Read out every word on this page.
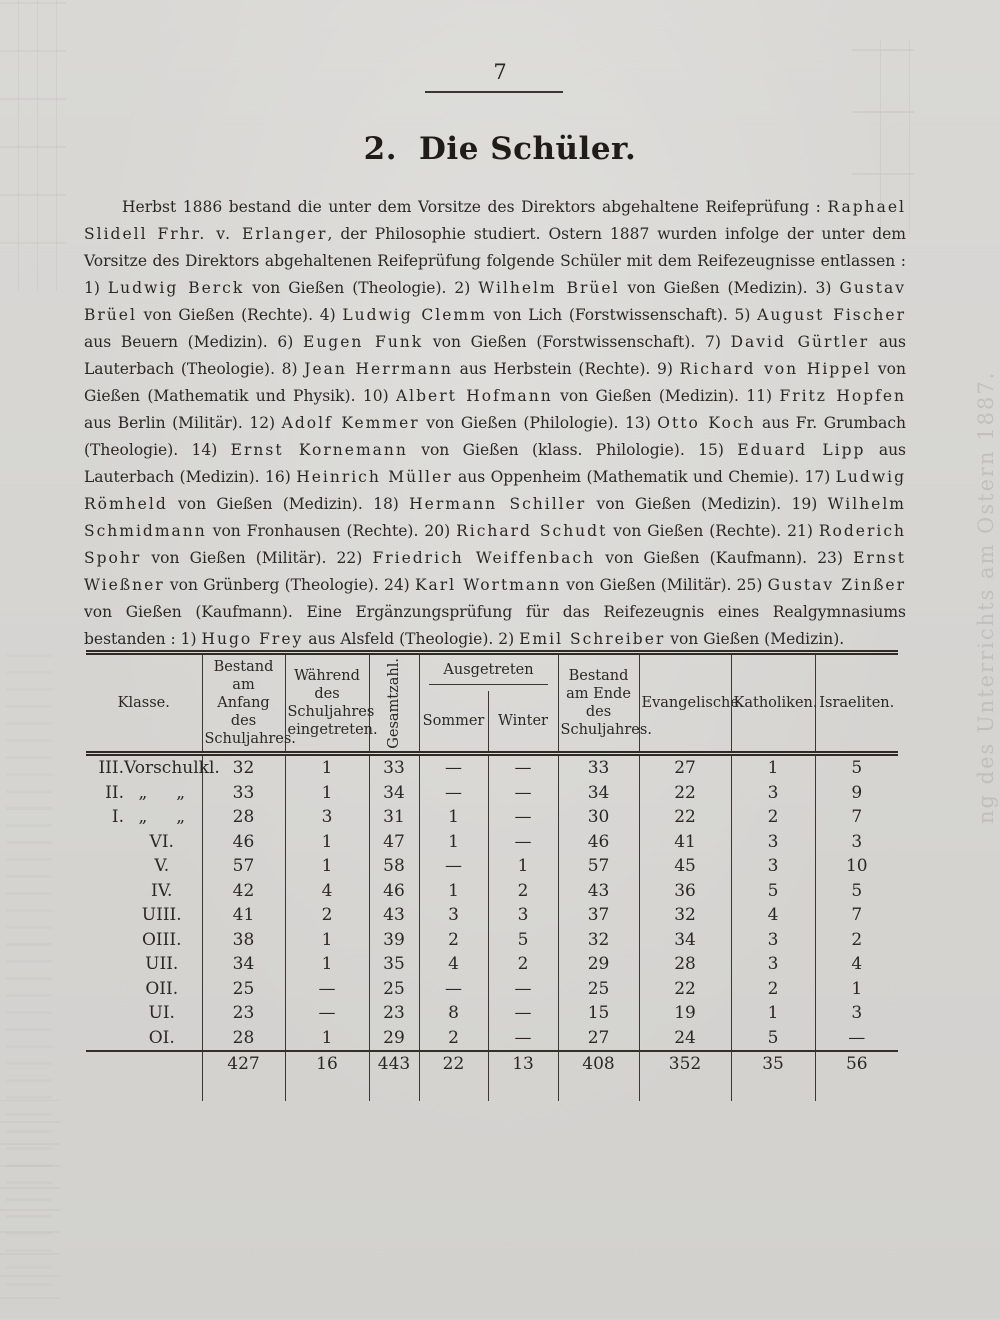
ng des Unterrichts am Ostern 1887.
7
2. Die Schüler.

Herbst 1886 bestand die unter dem Vorsitze des Direktors abgehaltene Reifeprüfung : Raphael Slidell Frhr. v. Erlanger, der Philosophie studiert. Ostern 1887 wurden infolge der unter dem Vorsitze des Direktors abgehaltenen Reifeprüfung folgende Schüler mit dem Reifezeugnisse entlassen : 1) Ludwig Berck von Gießen (Theologie). 2) Wilhelm Brüel von Gießen (Medizin). 3) Gustav Brüel von Gießen (Rechte). 4) Ludwig Clemm von Lich (Forstwissenschaft). 5) August Fischer aus Beuern (Medizin). 6) Eugen Funk von Gießen (Forstwissenschaft). 7) David Gürtler aus Lauterbach (Theologie). 8) Jean Herrmann aus Herbstein (Rechte). 9) Richard von Hippel von Gießen (Mathematik und Physik). 10) Albert Hofmann von Gießen (Medizin). 11) Fritz Hopfen aus Berlin (Militär). 12) Adolf Kemmer von Gießen (Philologie). 13) Otto Koch aus Fr. Grumbach (Theologie). 14) Ernst Kornemann von Gießen (klass. Philologie). 15) Eduard Lipp aus Lauterbach (Medizin). 16) Heinrich Müller aus Oppenheim (Mathematik und Chemie). 17) Ludwig Römheld von Gießen (Medizin). 18) Hermann Schiller von Gießen (Medizin). 19) Wilhelm Schmidmann von Fronhausen (Rechte). 20) Richard Schudt von Gießen (Rechte). 21) Roderich Spohr von Gießen (Militär). 22) Friedrich Weiffenbach von Gießen (Kaufmann). 23) Ernst Wießner von Grünberg (Theologie). 24) Karl Wortmann von Gießen (Militär). 25) Gustav Zinßer von Gießen (Kaufmann). Eine Ergänzungsprüfung für das Reifezeugnis eines Realgymnasiums bestanden : 1) Hugo Frey aus Alsfeld (Theologie). 2) Emil Schreiber von Gießen (Medizin).

Klasse.	Bestand am Anfang des Schuljahres.	Während des Schuljahres eingetreten.	Gesamtzahl.	Ausgetreten		Bestand am Ende des Schuljahres.	Evangelische.	Katholiken.	Israeliten.
				Sommer	Winter				

III. Vorschulkl.	32	1	33	—	—	33	27	1	5

II. „ „	33	1	34	—	—	34	22	3	9

I. „ „	28	3	31	1	—	30	22	2	7

VI.	46	1	47	1	—	46	41	3	3

V.	57	1	58	—	1	57	45	3	10

IV.	42	4	46	1	2	43	36	5	5

UIII.	41	2	43	3	3	37	32	4	7

OIII.	38	1	39	2	5	32	34	3	2

UII.	34	1	35	4	2	29	28	3	4

OII.	25	—	25	—	—	25	22	2	1

UI.	23	—	23	8	—	15	19	1	3

OI.	28	1	29	2	—	27	24	5	—
	427	16	443	22	13	408	352	35	56
